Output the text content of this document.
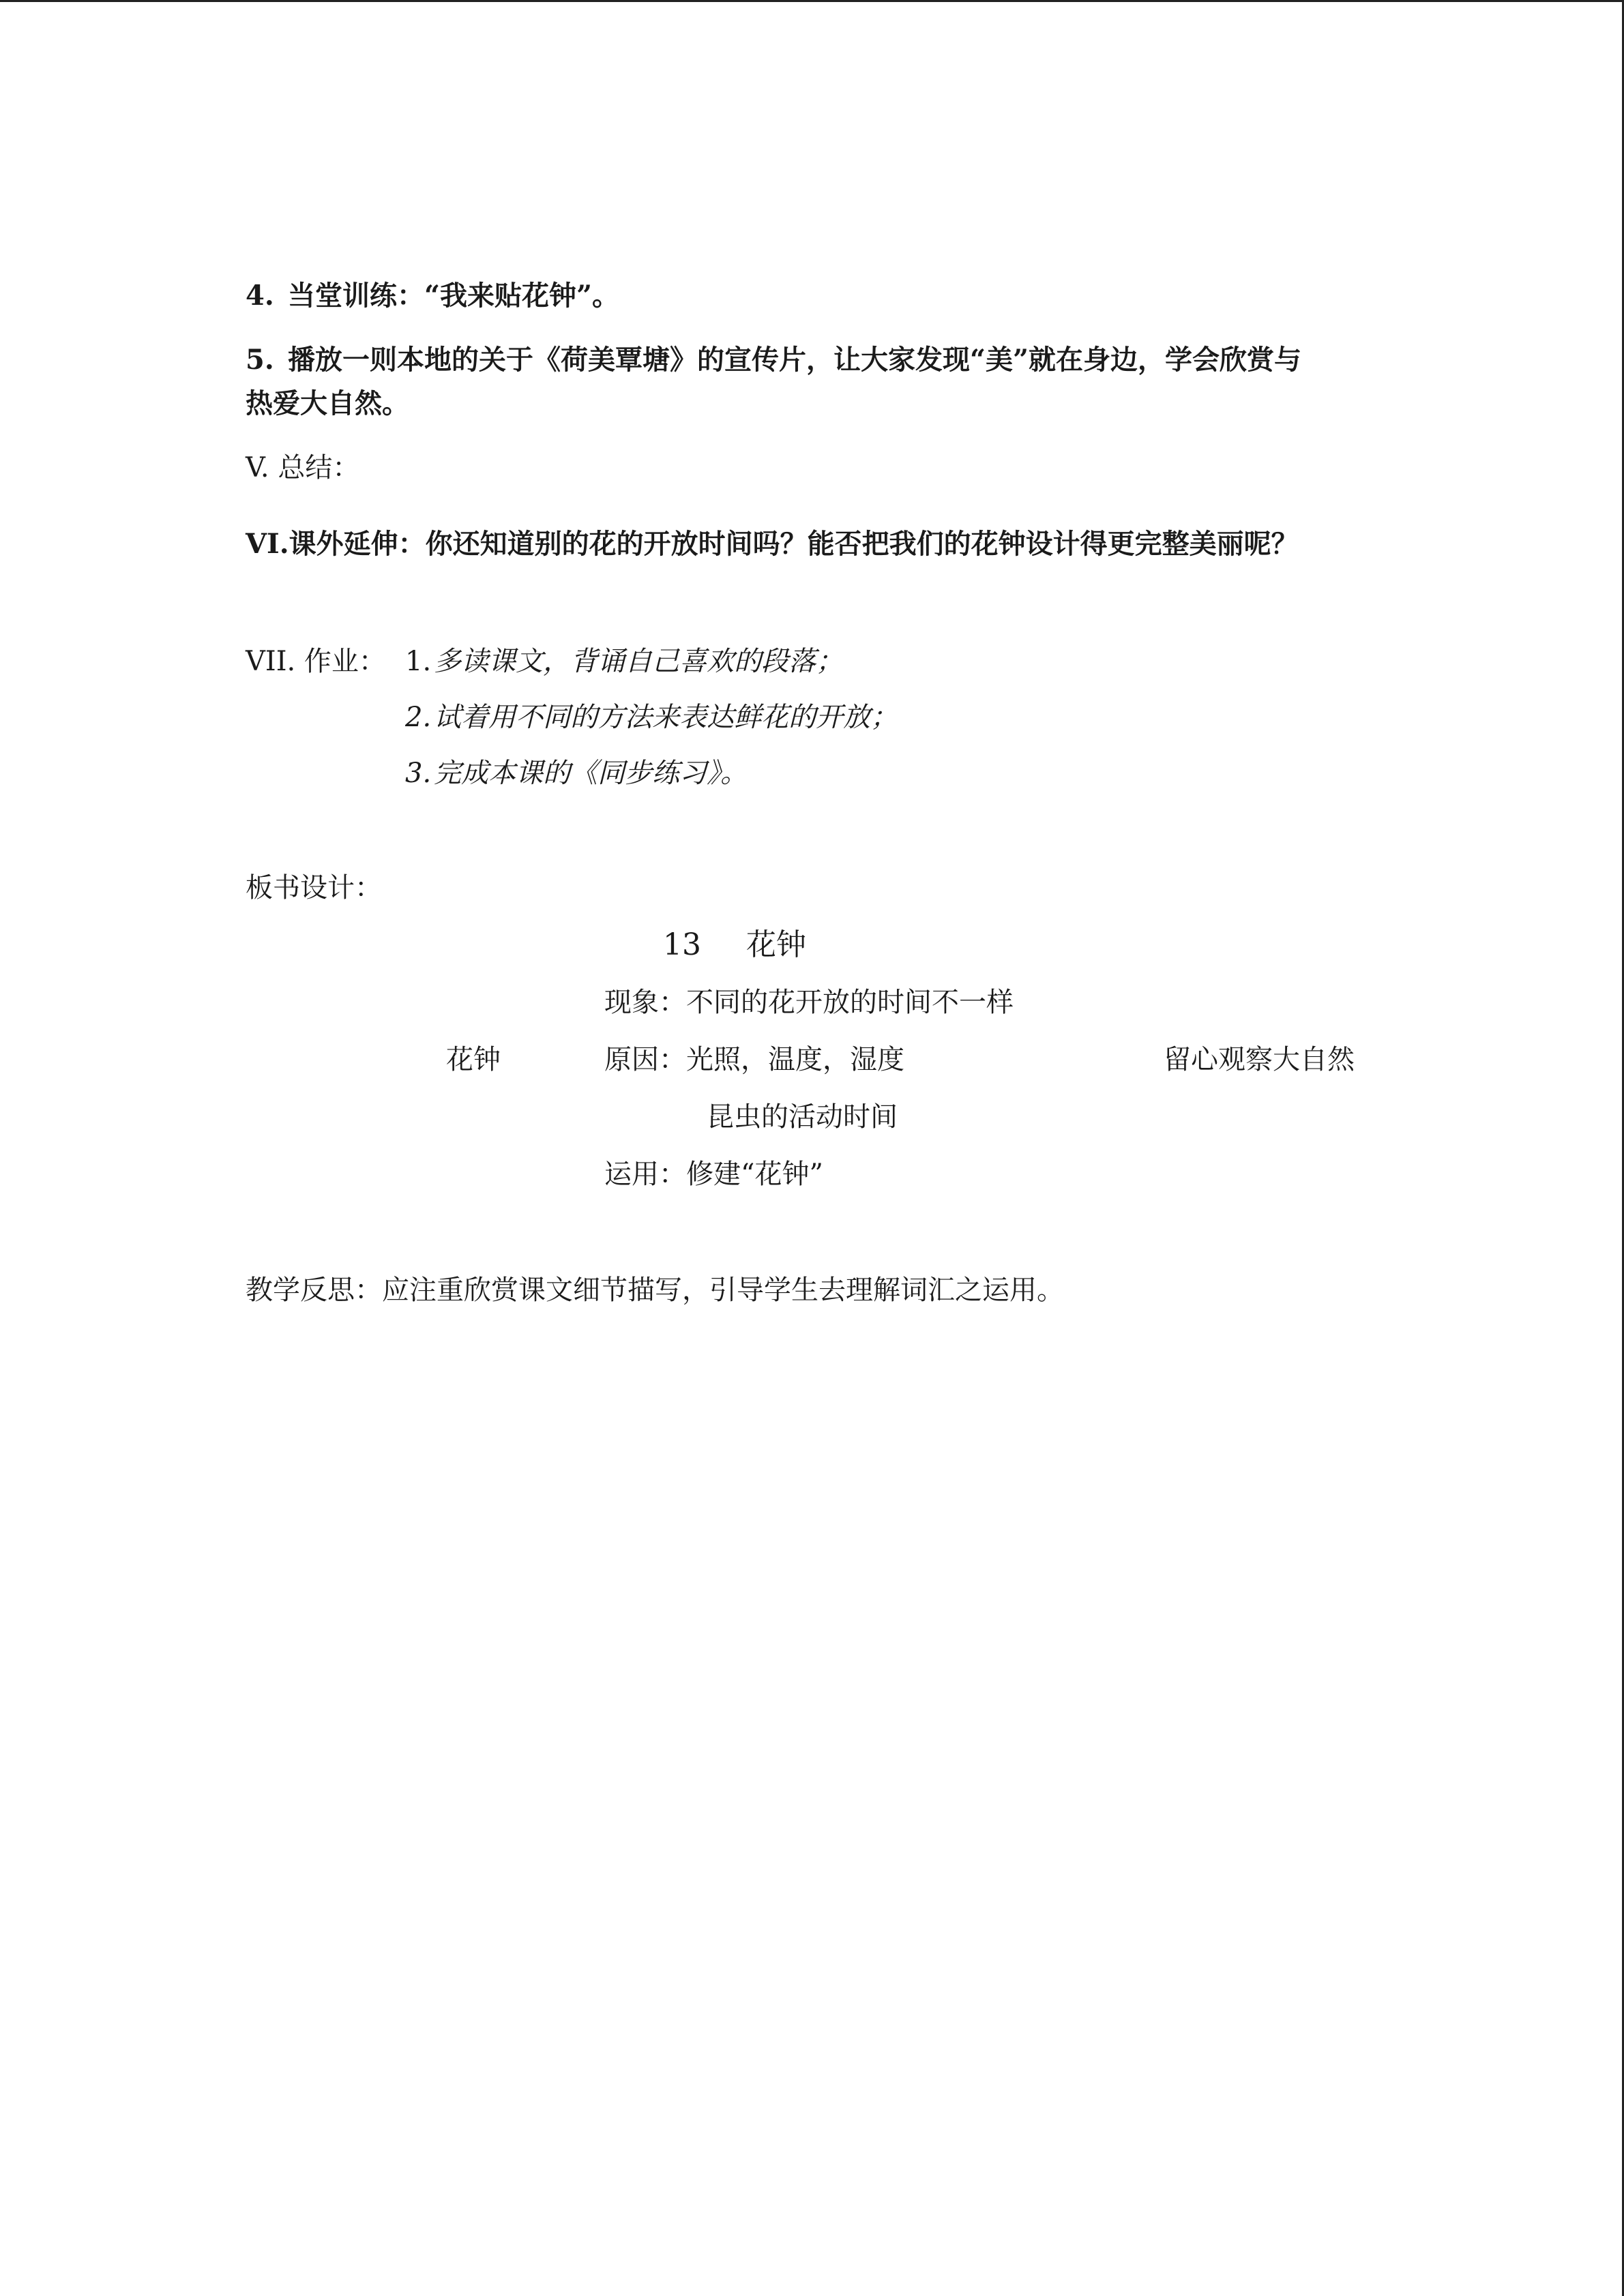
4. 当堂训练：“我来贴花钟”。
5. 播放一则本地的关于《荷美覃塘》的宣传片，让大家发现“美”就在身边，学会欣赏与
热爱大自然。
V. 总结：
VI.课外延伸：你还知道别的花的开放时间吗？能否把我们的花钟设计得更完整美丽呢？
VII. 作业： 1. 多读课文，背诵自己喜欢的段落；
2. 试着用不同的方法来表达鲜花的开放；
3. 完成本课的《同步练习》。
板书设计：
13 花钟
现象：不同的花开放的时间不一样
花钟	原因：光照，温度，湿度	留心观察大自然
昆虫的活动时间
运用：修建“花钟”
教学反思：应注重欣赏课文细节描写，引导学生去理解词汇之运用。
